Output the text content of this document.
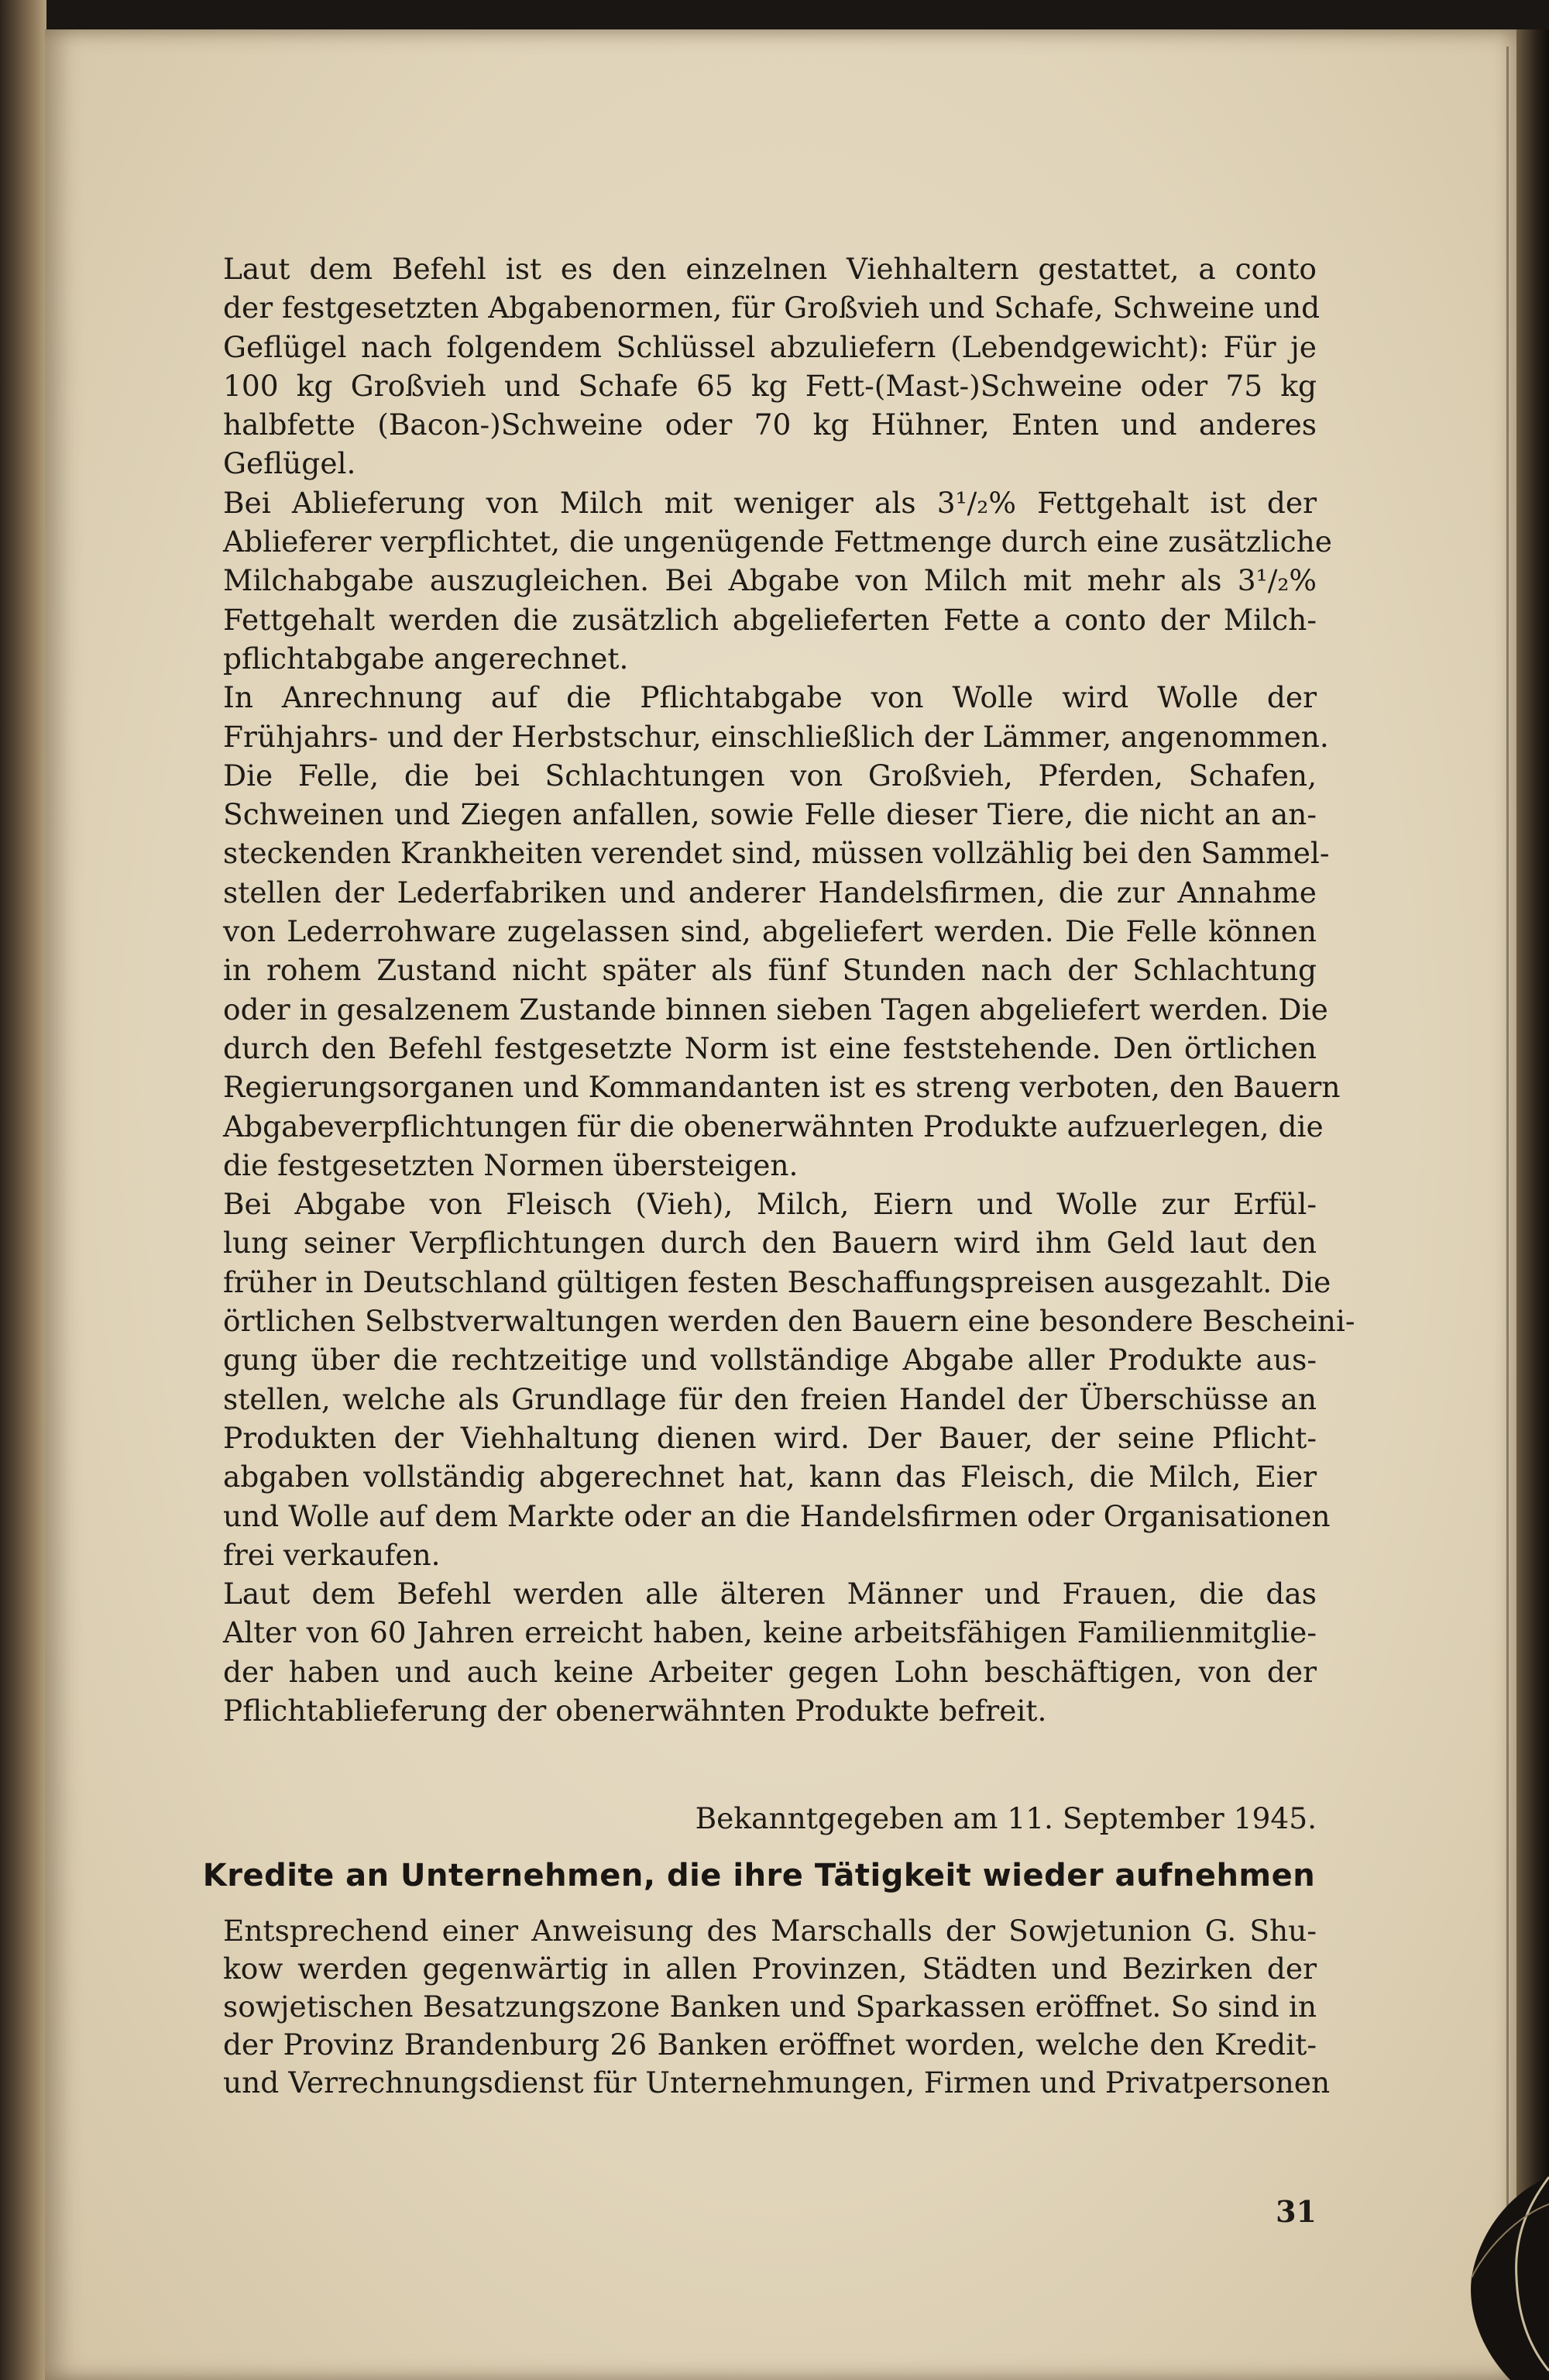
Laut dem Befehl ist es den einzelnen Viehhaltern gestattet, a conto
der festgesetzten Abgabenormen, für Großvieh und Schafe, Schweine und
Geflügel nach folgendem Schlüssel abzuliefern (Lebendgewicht): Für je
100 kg Großvieh und Schafe 65 kg Fett-(Mast-)Schweine oder 75 kg
halbfette (Bacon-)Schweine oder 70 kg Hühner, Enten und anderes
Geflügel.
Bei Ablieferung von Milch mit weniger als 3¹/₂% Fettgehalt ist der
Ablieferer verpflichtet, die ungenügende Fettmenge durch eine zusätzliche
Milchabgabe auszugleichen. Bei Abgabe von Milch mit mehr als 3¹/₂%
Fettgehalt werden die zusätzlich abgelieferten Fette a conto der Milch-
pflichtabgabe angerechnet.
In Anrechnung auf die Pflichtabgabe von Wolle wird Wolle der
Frühjahrs- und der Herbstschur, einschließlich der Lämmer, angenommen.
Die Felle, die bei Schlachtungen von Großvieh, Pferden, Schafen,
Schweinen und Ziegen anfallen, sowie Felle dieser Tiere, die nicht an an-
steckenden Krankheiten verendet sind, müssen vollzählig bei den Sammel-
stellen der Lederfabriken und anderer Handelsfirmen, die zur Annahme
von Lederrohware zugelassen sind, abgeliefert werden. Die Felle können
in rohem Zustand nicht später als fünf Stunden nach der Schlachtung
oder in gesalzenem Zustande binnen sieben Tagen abgeliefert werden. Die
durch den Befehl festgesetzte Norm ist eine feststehende. Den örtlichen
Regierungsorganen und Kommandanten ist es streng verboten, den Bauern
Abgabeverpflichtungen für die obenerwähnten Produkte aufzuerlegen, die
die festgesetzten Normen übersteigen.
Bei Abgabe von Fleisch (Vieh), Milch, Eiern und Wolle zur Erfül-
lung seiner Verpflichtungen durch den Bauern wird ihm Geld laut den
früher in Deutschland gültigen festen Beschaffungspreisen ausgezahlt. Die
örtlichen Selbstverwaltungen werden den Bauern eine besondere Bescheini-
gung über die rechtzeitige und vollständige Abgabe aller Produkte aus-
stellen, welche als Grundlage für den freien Handel der Überschüsse an
Produkten der Viehhaltung dienen wird. Der Bauer, der seine Pflicht-
abgaben vollständig abgerechnet hat, kann das Fleisch, die Milch, Eier
und Wolle auf dem Markte oder an die Handelsfirmen oder Organisationen
frei verkaufen.
Laut dem Befehl werden alle älteren Männer und Frauen, die das
Alter von 60 Jahren erreicht haben, keine arbeitsfähigen Familienmitglie-
der haben und auch keine Arbeiter gegen Lohn beschäftigen, von der
Pflichtablieferung der obenerwähnten Produkte befreit.
Bekanntgegeben am 11. September 1945.
Kredite an Unternehmen, die ihre Tätigkeit wieder aufnehmen
Entsprechend einer Anweisung des Marschalls der Sowjetunion G. Shu-
kow werden gegenwärtig in allen Provinzen, Städten und Bezirken der
sowjetischen Besatzungszone Banken und Sparkassen eröffnet. So sind in
der Provinz Brandenburg 26 Banken eröffnet worden, welche den Kredit-
und Verrechnungsdienst für Unternehmungen, Firmen und Privatpersonen
31
